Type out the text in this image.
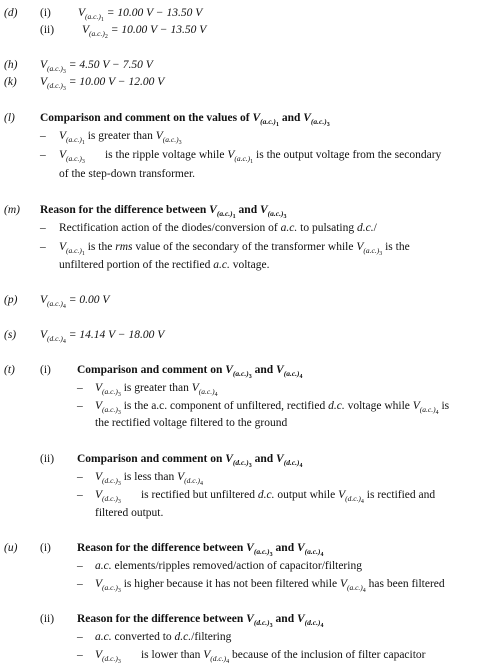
(d) (i) $V_{(a.c.)_1} = 10.00$ V − 13.50 V
(ii) $V_{(a.c.)_2} = 10.00$ V − 13.50 V
(h) $V_{(a.c.)_3} = 4.50$ V − 7.50 V
(k) $V_{(d.c.)_3} = 10.00$ V − 12.00 V
(l) Comparison and comment on the values of $V_{(a.c.)_1}$ and $V_{(a.c.)_3}$
– $V_{(a.c.)_1}$ is greater than $V_{(a.c.)_3}$
– $V_{(a.c.)_3}$       is the ripple voltage while $V_{(a.c.)_1}$ is the output voltage from the secondary
of the step-down transformer.
(m) Reason for the difference between $V_{(a.c.)_1}$ and $V_{(a.c.)_3}$
– Rectification action of the diodes/conversion of a.c. to pulsating d.c./
– $V_{(a.c.)_1}$ is the rms value of the secondary of the transformer while $V_{(a.c.)_3}$ is the
unfiltered portion of the rectified a.c. voltage.
(p) $V_{(a.c.)_4} = 0.00$ V
(s) $V_{(d.c.)_4} = 14.14$ V − 18.00 V
(t) (i) Comparison and comment on $V_{(a.c.)_3}$ and $V_{(a.c.)_4}$
– $V_{(a.c.)_3}$ is greater than $V_{(a.c.)_4}$
– $V_{(a.c.)_3}$ is the a.c. component of unfiltered, rectified d.c. voltage while $V_{(a.c.)_4}$ is
the rectified voltage filtered to the ground
(ii) Comparison and comment on $V_{(d.c.)_3}$ and $V_{(d.c.)_4}$
– $V_{(d.c.)_3}$ is less than $V_{(d.c.)_4}$
– $V_{(d.c.)_3}$       is rectified but unfiltered d.c. output while $V_{(d.c.)_4}$ is rectified and
filtered output.
(u) (i) Reason for the difference between $V_{(a.c.)_3}$ and $V_{(a.c.)_4}$
– a.c. elements/ripples removed/action of capacitor/filtering
– $V_{(a.c.)_3}$ is higher because it has not been filtered while $V_{(a.c.)_4}$ has been filtered
(ii) Reason for the difference between $V_{(d.c.)_3}$ and $V_{(d.c.)_4}$
– a.c. converted to d.c./filtering
– $V_{(d.c.)_3}$       is lower than $V_{(d.c.)_4}$ because of the inclusion of filter capacitor
